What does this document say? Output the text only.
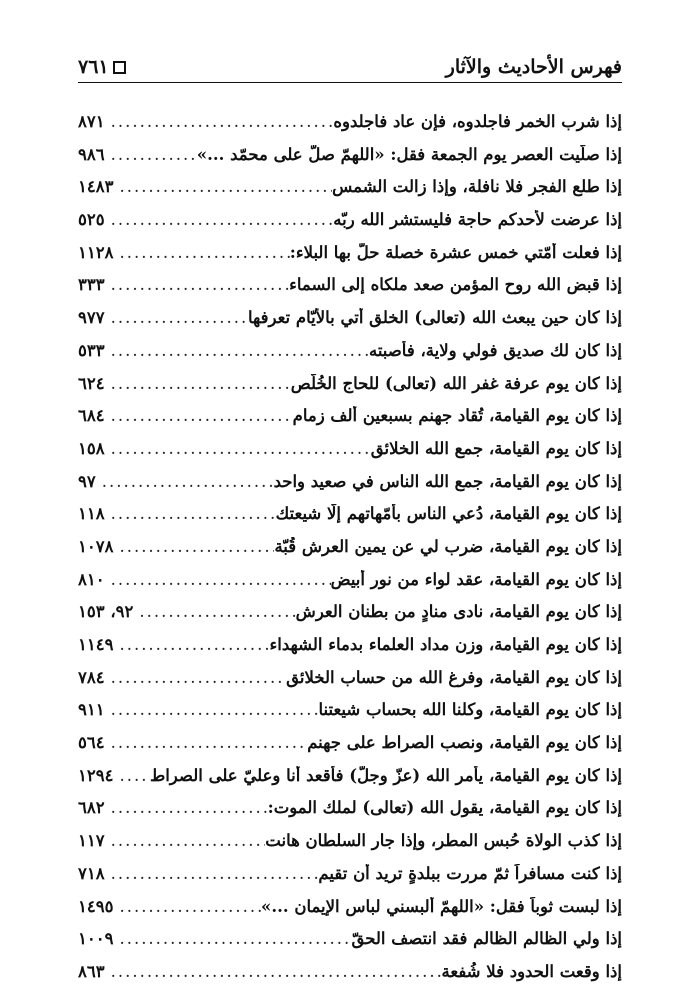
فهرس الأحاديث والآثار
٧٦١
إذا شرب الخمر فاجلدوه، فإن عاد فاجلدوه
.....
٨٧١
إذا صلّيت العصر يوم الجمعة فقل: «اللهمّ صلّ على محمّد ...»
.....
٩٨٦
إذا طلع الفجر فلا نافلة، وإذا زالت الشمس
.....
١٤٨٣
إذا عرضت لأحدكم حاجة فليستشر الله ربّه
.....
٥٢٥
إذا فعلت أُمّتي خمس عشرة خصلة حلّ بها البلاء:
.....
١١٢٨
إذا قبض الله روح المؤمن صعد ملكاه إلى السماء
.....
٣٣٣
إذا كان حين يبعث الله (تعالى) الخلق أُتي بالأيّام تعرفها
.....
٩٧٧
إذا كان لك صديق فولي ولاية، فأصبته
.....
٥٣٣
إذا كان يوم عرفة غفر الله (تعالى) للحاج الخُلّص
.....
٦٢٤
إذا كان يوم القيامة، تُقاد جهنم بسبعين ألف زمام
.....
٦٨٤
إذا كان يوم القيامة، جمع الله الخلائق
.....
١٥٨
إذا كان يوم القيامة، جمع الله الناس في صعيد واحد
.....
٩٧
إذا كان يوم القيامة، دُعي الناس بأُمّهاتهم إلّا شيعتك
.....
١١٨
إذا كان يوم القيامة، ضرب لي عن يمين العرش قُبّة
.....
١٠٧٨
إذا كان يوم القيامة، عقد لواء من نور أبيض
.....
٨١٠
إذا كان يوم القيامة، نادى منادٍ من بطنان العرش
.....
٩٢، ١٥٣
إذا كان يوم القيامة، وزن مداد العلماء بدماء الشهداء
.....
١١٤٩
إذا كان يوم القيامة، وفرغ الله من حساب الخلائق
.....
٧٨٤
إذا كان يوم القيامة، وكلنا الله بحساب شيعتنا
.....
٩١١
إذا كان يوم القيامة، ونصب الصراط على جهنم
.....
٥٦٤
إذا كان يوم القيامة، يأمر الله (عزّ وجلّ) فأقعد أنا وعليّ على الصراط
.....
١٢٩٤
إذا كان يوم القيامة، يقول الله (تعالى) لملك الموت:
.....
٦٨٢
إذا كذب الولاة حُبس المطر، وإذا جار السلطان هانت
.....
١١٧
إذا كنت مسافراً ثمّ مررت ببلدةٍ تريد أن تقيم
.....
٧١٨
إذا لبست ثوباً فقل: «اللهمّ ألبسني لباس الإيمان ...»
.....
١٤٩٥
إذا ولي الظالم الظالم فقد انتصف الحقّ
.....
١٠٠٩
إذا وقعت الحدود فلا شُفعة
.....
٨٦٣
